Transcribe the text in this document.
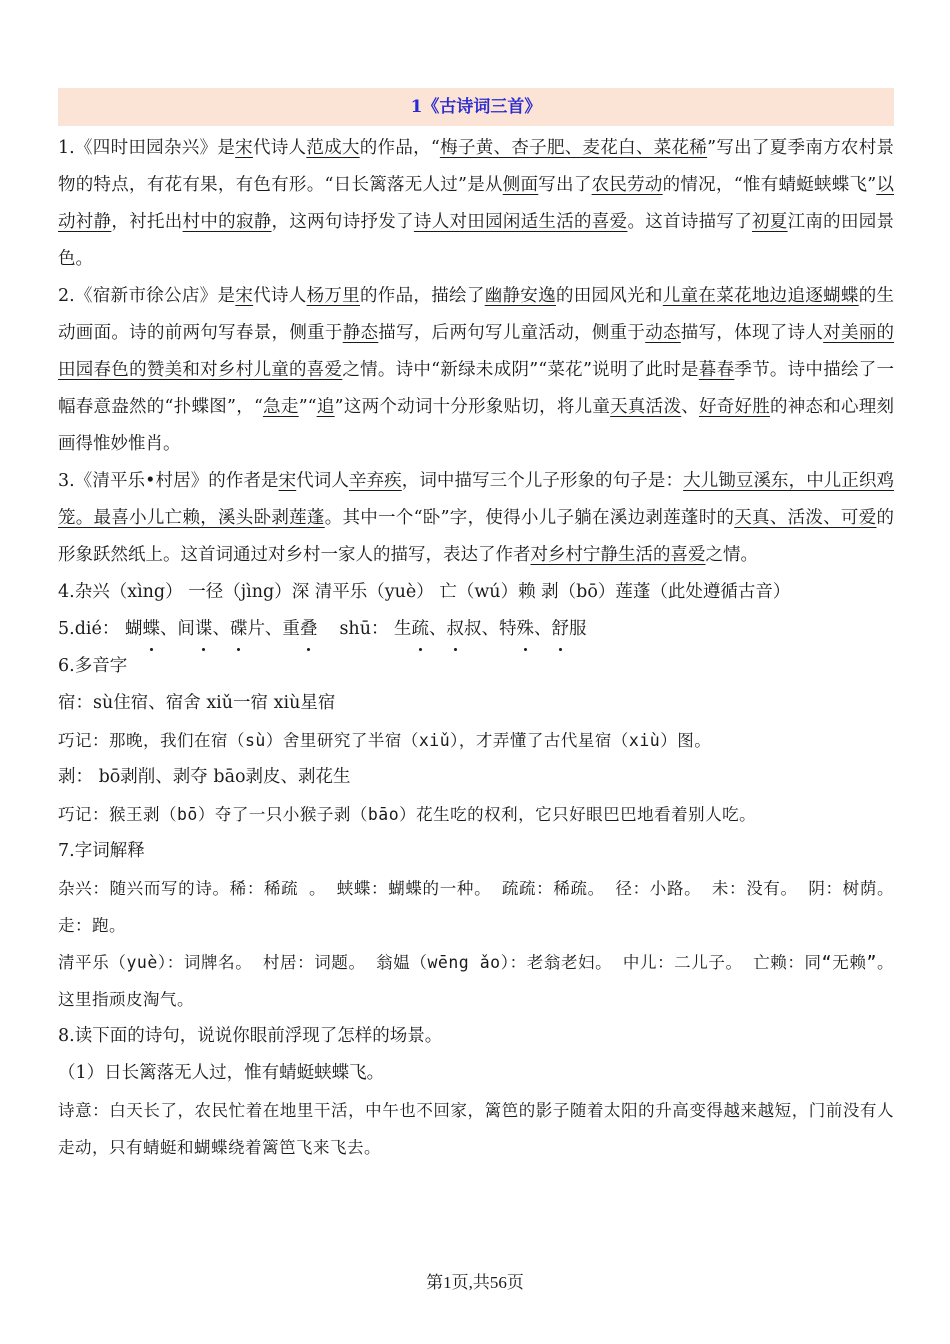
1《古诗词三首》

1.《四时田园杂兴》是宋代诗人范成大的作品，“梅子黄、杏子肥、麦花白、菜花稀”写出了夏季南方农村景物的特点，有花有果，有色有形。“日长篱落无人过”是从侧面写出了农民劳动的情况，“惟有蜻蜓蛱蝶飞”以动衬静，衬托出村中的寂静，这两句诗抒发了诗人对田园闲适生活的喜爱。这首诗描写了初夏江南的田园景色。

2.《宿新市徐公店》是宋代诗人杨万里的作品，描绘了幽静安逸的田园风光和儿童在菜花地边追逐蝴蝶的生动画面。诗的前两句写春景，侧重于静态描写，后两句写儿童活动，侧重于动态描写，体现了诗人对美丽的田园春色的赞美和对乡村儿童的喜爱之情。诗中“新绿未成阴”“菜花”说明了此时是暮春季节。诗中描绘了一幅春意盎然的“扑蝶图”，“急走”“追”这两个动词十分形象贴切，将儿童天真活泼、好奇好胜的神态和心理刻画得惟妙惟肖。

3.《清平乐•村居》的作者是宋代词人辛弃疾，词中描写三个儿子形象的句子是：大儿锄豆溪东，中儿正织鸡笼。最喜小儿亡赖，溪头卧剥莲蓬。其中一个“卧”字，使得小儿子躺在溪边剥莲蓬时的天真、活泼、可爱的形象跃然纸上。这首词通过对乡村一家人的描写，表达了作者对乡村宁静生活的喜爱之情。

4.杂兴（xìng） 一径（jìng）深 清平乐（yuè） 亡（wú）赖 剥（bō）莲蓬（此处遵循古音）

5.dié： 蝴蝶、间谍、碟片、重叠 shū： 生疏、叔叔、特殊、舒服

6.多音字

宿：sù住宿、宿舍 xiǔ一宿 xiù星宿

巧记：那晚，我们在宿（sù）舍里研究了半宿（xiǔ），才弄懂了古代星宿（xiù）图。

剥： bō剥削、剥夺 bāo剥皮、剥花生

巧记：猴王剥（bō）夺了一只小猴子剥（bāo）花生吃的权利，它只好眼巴巴地看着别人吃。

7.字词解释

杂兴：随兴而写的诗。稀：稀疏 。 蛱蝶：蝴蝶的一种。 疏疏：稀疏。 径：小路。 未：没有。 阴：树荫。 走：跑。

清平乐（yuè）：词牌名。 村居：词题。 翁媪（wēng ǎo）：老翁老妇。 中儿：二儿子。 亡赖：同“无赖”。这里指顽皮淘气。

8.读下面的诗句，说说你眼前浮现了怎样的场景。

（1）日长篱落无人过，惟有蜻蜓蛱蝶飞。

诗意：白天长了，农民忙着在地里干活，中午也不回家，篱笆的影子随着太阳的升高变得越来越短，门前没有人走动，只有蜻蜓和蝴蝶绕着篱笆飞来飞去。

第1页,共56页
